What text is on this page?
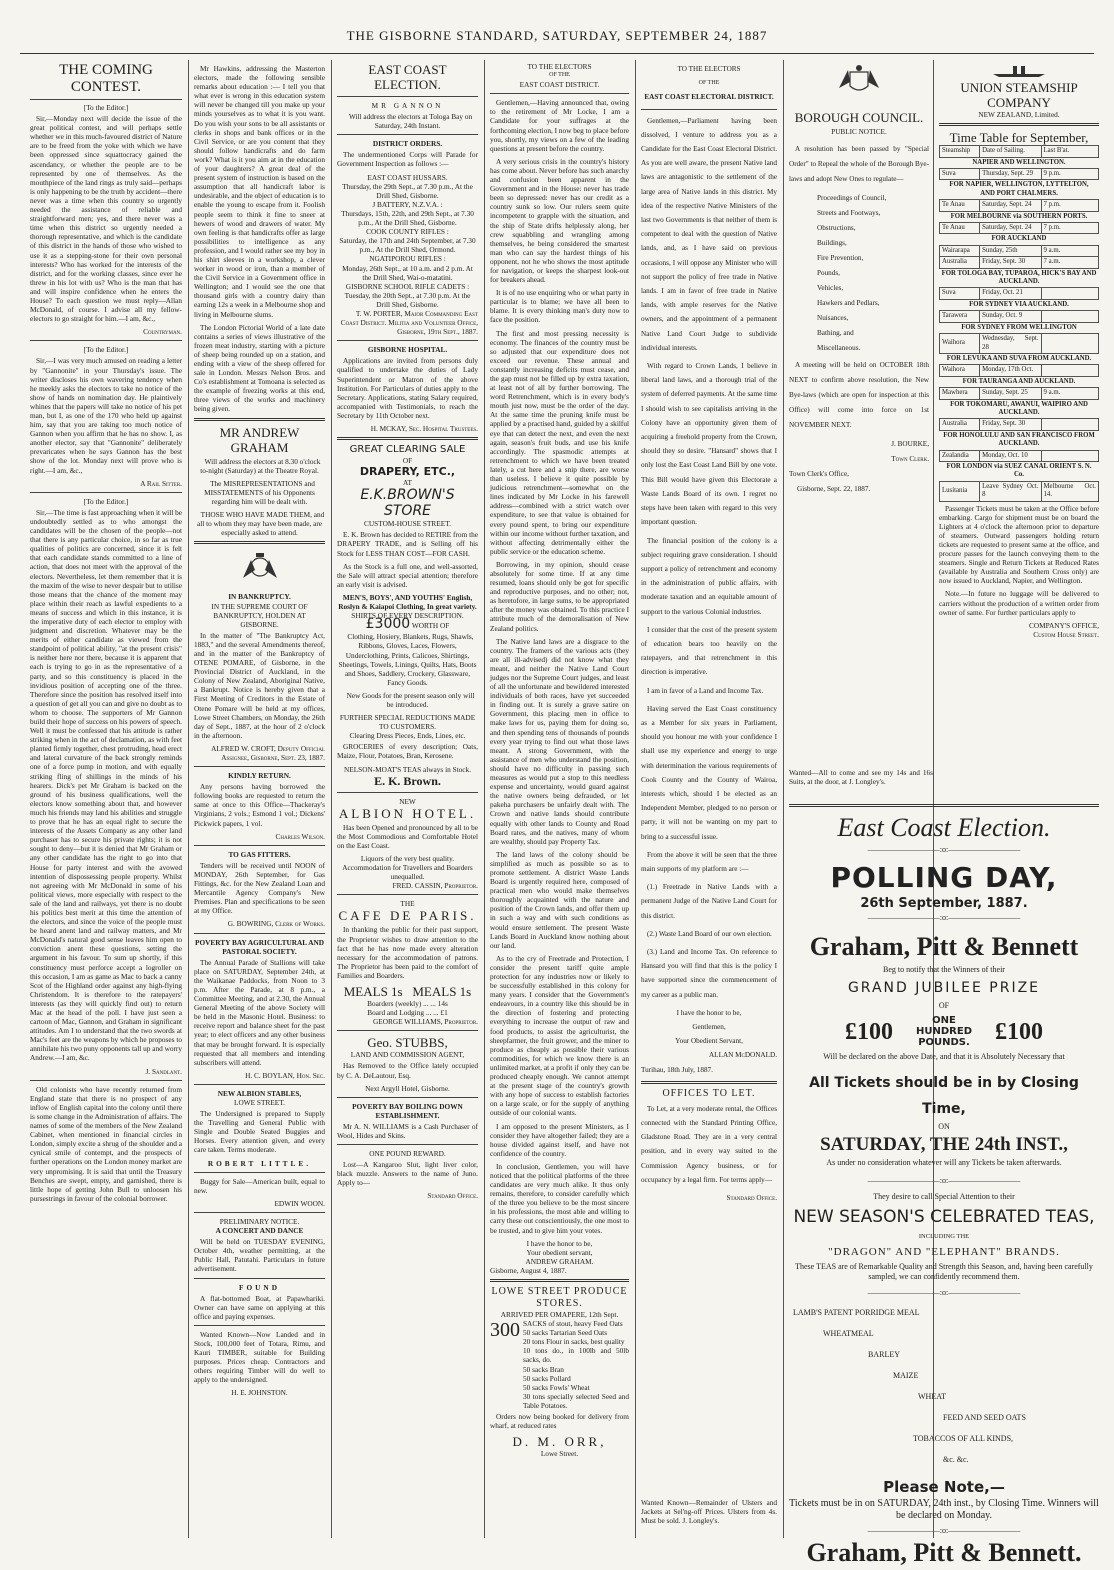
THE GISBORNE STANDARD, SATURDAY, SEPTEMBER 24, 1887
THE COMING CONTEST.
[To the Editor.]

Sir,—Monday next will decide the issue of the great political contest, and will perhaps settle whether we in this much-favoured district of Nature are to be freed from the yoke with which we have been oppressed since squattocracy gained the ascendancy, or whether the people are to be represented by one of themselves. As the mouthpiece of the land rings as truly said—perhaps is only happening to be the truth by accident—there never was a time when this country so urgently needed the assistance of reliable and straightforward men; yes, and there never was a time when this district so urgently needed a thorough representative, and which is the candidate of this district in the hands of those who wished to use it as a stepping-stone for their own personal interests? Who has worked for the interests of the district, and for the working classes, since ever he threw in his lot with us? Who is the man that has and will inspire confidence when he enters the House? To each question we must reply—Allan McDonald, of course. I advise all my fellow-electors to go straight for him.—I am, &c.,

Countryman.
[To the Editor.]

Sir,—I was very much amused on reading a letter by "Gannonite" in your Thursday's issue. The writer discloses his own wavering tendency when he meekly asks the electors to take no notice of the show of hands on nomination day. He plaintively whines that the papers will take no notice of his pet man, but I, as one of the 170 who held up against him, say that you are taking too much notice of Gannon when you affirm that he has no show. I, as another elector, say that "Gannonite" deliberately prevaricates when he says Gannon has the best show of the lot. Monday next will prove who is right.—I am, &c.,

A Rail Sitter.
[To the Editor.]

Sir,—The time is fast approaching when it will be undoubtedly settled as to who amongst the candidates will be the chosen of the people—not that there is any particular choice, in so far as true qualities of politics are concerned, since it is felt that each candidate stands committed to a line of action, that does not meet with the approval of the electors. Nevertheless, let them remember that it is the maxim of the wise to never despair but to utilise those means that the chance of the moment may place within their reach as lawful expedients to a means of success and which in this instance, it is the imperative duty of each elector to employ with judgment and discretion. Whatever may be the merits of either candidate as viewed from the standpoint of political ability, "at the present crisis" is neither here nor there, because it is apparent that each is trying to go in as the representative of a party, and so this constituency is placed in the invidious position of accepting one of the three. Therefore since the position has resolved itself into a question of get all you can and give no doubt as to whom to choose. The supporters of Mr Gannon build their hope of success on his powers of speech. Well it must be confessed that his attitude is rather striking when in the act of declamation, as with feet planted firmly together, chest protruding, head erect and lateral curvature of the back strongly reminds one of a force pump in motion, and with equally striking fling of shillings in the minds of his hearers. Dick's pet Mr Graham is backed on the ground of his business qualifications, well the electors know something about that, and however much his friends may land his abilities and struggle to prove that he has an equal right to secure the interests of the Assets Company as any other land purchaser has to secure his private rights; it is not sought to deny—but it is denied that Mr Graham or any other candidate has the right to go into that House for party interest and with the avowed intention of dispossessing people property. Whilst not agreeing with Mr McDonald in some of his political views, more especially with respect to the sale of the land and railways, yet there is no doubt his politics best merit at this time the attention of the electors, and since the voice of the people must be heard anent land and railway matters, and Mr McDonald's natural good sense leaves him open to conviction anent these questions, setting the argument in his favour. To sum up shortly, if this constituency must perforce accept a logroller on this occasion, I am as game as Mac to back a canny Scot of the Highland order against any high-flying Christendom. It is therefore to the ratepayers' interests (as they will quickly find out) to return Mac at the head of the poll. I have just seen a cartoon of Mac, Gannon, and Graham in significant attitudes. Am I to understand that the two swords at Mac's feet are the weapons by which he proposes to annihilate his two puny opponents tall up and worry Andrew.—I am, &c.

J. Sandlant.

Old colonists who have recently returned from England state that there is no prospect of any inflow of English capital into the colony until there is some change in the Administration of affairs. The names of some of the members of the New Zealand Cabinet, when mentioned in financial circles in London, simply excite a shrug of the shoulder and a cynical smile of contempt, and the prospects of further operations on the London money market are very unpromising. It is said that until the Treasury Benches are swept, empty, and garnished, there is little hope of getting John Bull to unloosen his pursestrings in favour of the colonial borrower.

Mr Hawkins, addressing the Masterton electors, made the following sensible remarks about education :— I tell you that what ever is wrong in this education system will never be changed till you make up your minds yourselves as to what it is you want. Do you wish your sons to be all assistants or clerks in shops and bank offices or in the Civil Service, or are you content that they should follow handicrafts and do farm work? What is it you aim at in the education of your daughters? A great deal of the present system of instruction is based on the assumption that all handicraft labor is undesirable, and the object of education is to enable the young to escape from it. Foolish people seem to think it fine to sneer at hewers of wood and drawers of water. My own feeling is that handicrafts offer as large possibilities to intelligence as any profession, and I would rather see my boy in his shirt sleeves in a workshop, a clever worker in wood or iron, than a member of the Civil Service in a Government office in Wellington; and I would see the one that thousand girls with a country dairy than earning 12s a week in a Melbourne shop and living in Melbourne slums.

The London Pictorial World of a late date contains a series of views illustrative of the frozen meat industry, starting with a picture of sheep being rounded up on a station, and ending with a view of the sheep offered for sale in London. Messrs Nelson Bros. and Co's establishment at Tomoana is selected as the example of freezing works at this end, three views of the works and machinery being given.

MR ANDREW GRAHAM

Will address the electors at 8.30 o'clock to-night (Saturday) at the Theatre Royal.

The MISREPRESENTATIONS and MISSTATEMENTS of his Opponents regarding him will be dealt with.

THOSE WHO HAVE MADE THEM, and all to whom they may have been made, are especially asked to attend.

IN BANKRUPTCY.
IN THE SUPREME COURT OF BANKRUPTCY, HOLDEN AT GISBORNE.

In the matter of "The Bankruptcy Act, 1883," and the several Amendments thereof, and in the matter of the Bankruptcy of OTENE POMARE, of Gisborne, in the Provincial District of Auckland, in the Colony of New Zealand, Aboriginal Native, a Bankrupt. Notice is hereby given that a First Meeting of Creditors in the Estate of Otene Pomare will be held at my offices, Lowe Street Chambers, on Monday, the 26th day of Sept., 1887, at the hour of 2 o'clock in the afternoon.

ALFRED W. CROFT, Deputy Official Assignee, Gisborne, Sept. 23, 1887.
KINDLY RETURN.

Any persons having borrowed the following books are requested to return the same at once to this Office—Thackeray's Virginians, 2 vols.; Esmond 1 vol.; Dickens' Pickwick papers, 1 vol.

Charles Wilson.
TO GAS FITTERS.

Tenders will be received until NOON of MONDAY, 26th September, for Gas Fittings, &c. for the New Zealand Loan and Mercantile Agency Company's New Premises. Plan and specifications to be seen at my Office.

G. BOWRING, Clerk of Works.
POVERTY BAY AGRICULTURAL AND PASTORAL SOCIETY.

The Annual Parade of Stallions will take place on SATURDAY, September 24th, at the Waikanae Paddocks, from Noon to 3 p.m. After the Parade, at 8 p.m., a Committee Meeting, and at 2.30, the Annual General Meeting of the above Society will be held in the Masonic Hotel. Business: to receive report and balance sheet for the past year; to elect officers and any other business that may be brought forward. It is especially requested that all members and intending subscribers will attend.

H. C. BOYLAN, Hon. Sec.
NEW ALBION STABLES,
LOWE STREET.

The Undersigned is prepared to Supply the Travelling and General Public with Single and Double Seated Buggies and Horses. Every attention given, and every care taken. Terms moderate.

ROBERT LITTLE.

Buggy for Sale—American built, equal to new.

EDWIN WOON.
PRELIMINARY NOTICE.
A CONCERT AND DANCE

Will be held on TUESDAY EVENING, October 4th, weather permitting, at the Public Hall, Patutahi. Particulars in future advertisement.

FOUND

A flat-bottomed Boat, at Papawhariki. Owner can have same on applying at this office and paying expenses.

Wanted Known—Now Landed and in Stock, 100,000 feet of Totara, Rimu, and Kauri TIMBER, suitable for Building purposes. Prices cheap. Contractors and others requiring Timber will do well to apply to the undersigned.

H. E. JOHNSTON.
EAST COAST ELECTION.
MR GANNON

Will address the electors at Tologa Bay on Saturday, 24th Instant.

DISTRICT ORDERS.

The undermentioned Corps will Parade for Government Inspection as follows :—

EAST COAST HUSSARS.
Thursday, the 29th Sept., at 7.30 p.m., At the Drill Shed, Gisborne.
J BATTERY, N.Z.V.A. :
Thursdays, 15th, 22th, and 29th Sept., at 7.30 p.m., At the Drill Shed, Gisborne.
COOK COUNTY RIFLES :
Saturday, the 17th and 24th September, at 7.30 p.m., At the Drill Shed, Ormond.
NGATIPOROU RIFLES :
Monday, 26th Sept., at 10 a.m. and 2 p.m. At the Drill Shed, Wai-o-matatini.
GISBORNE SCHOOL RIFLE CADETS :
Tuesday, the 20th Sept., at 7.30 p.m. At the Drill Shed, Gisborne.
T. W. PORTER, Major Commanding East Coast District. Militia and Volunteer Office, Gisborne, 19th Sept., 1887.
GISBORNE HOSPITAL.

Applications are invited from persons duly qualified to undertake the duties of Lady Superintendent or Matron of the above Institution. For Particulars of duties apply to the Secretary. Applications, stating Salary required, accompanied with Testimonials, to reach the Secretary by 11th October next.

H. MCKAY, Sec. Hospital Trustees.
GREAT CLEARING SALE
OF
DRAPERY, ETC.,
AT
E.K.BROWN'S STORE
CUSTOM-HOUSE STREET.

E. K. Brown has decided to RETIRE from the DRAPERY TRADE, and is Selling off his Stock for LESS THAN COST—FOR CASH.

As the Stock is a full one, and well-assorted, the Sale will attract special attention; therefore an early visit is advised.

MEN'S, BOYS', AND YOUTHS' English, Roslyn & Kaiapoi Clothing, In great variety.
SHIRTS OF EVERY DESCRIPTION.
£3000 WORTH OF

Clothing, Hosiery, Blankets, Rugs, Shawls, Ribbons, Gloves, Laces, Flowers, Underclothing, Prints, Calicoes, Shirtings, Sheetings, Towels, Linings, Quilts, Hats, Boots and Shoes, Saddlery, Crockery, Glassware, Fancy Goods.

New Goods for the present season only will be introduced.

FURTHER SPECIAL REDUCTIONS MADE TO CUSTOMERS.
Clearing Dress Pieces, Ends, Lines, etc.

GROCERIES of every description; Oats, Maize, Flour, Potatoes, Bran, Kerosene.

NELSON-MOAT'S TEAS always in Stock.
E. K. Brown.
NEW
ALBION HOTEL.

Has been Opened and pronounced by all to be the Most Commodious and Comfortable Hotel on the East Coast.

Liquors of the very best quality.
Accommodation for Travellers and Boarders unequalled.
FRED. CASSIN, Proprietor.
THE
CAFE DE PARIS.

In thanking the public for their past support, the Proprietor wishes to draw attention to the fact that he has now made every alteration necessary for the accommodation of patrons. The Proprietor has been paid to the comfort of Families and Boarders.

MEALS 1s MEALS 1s
Boarders (weekly) ... ... 14s
Board and Lodging ... ... £1
GEORGE WILLIAMS, Proprietor.
Geo. STUBBS,
LAND AND COMMISSION AGENT,

Has Removed to the Office lately occupied by C. A. DeLautour, Esq.

Next Argyll Hotel, Gisborne.
POVERTY BAY BOILING DOWN ESTABLISHMENT.

Mr A. N. WILLIAMS is a Cash Purchaser of Wool, Hides and Skins.

ONE POUND REWARD.

Lost—A Kangaroo Slut, light liver color, black muzzle. Answers to the name of Juno. Apply to—

Standard Office.
TO THE ELECTORS
OF THE
EAST COAST DISTRICT.

Gentlemen,—Having announced that, owing to the retirement of Mr Locke, I am a Candidate for your suffrages at the forthcoming election, I now beg to place before you, shortly, my views on a few of the leading questions at present before the country.

A very serious crisis in the country's history has come about. Never before has such anarchy and confusion been apparent in the Government and in the House: never has trade been so depressed: never has our credit as a country sunk so low. Our rulers seem quite incompetent to grapple with the situation, and the ship of State drifts helplessly along, her crew squabbling and wrangling among themselves, he being considered the smartest man who can say the hardest things of his opponent, not he who shows the most aptitude for navigation, or keeps the sharpest look-out for breakers ahead.

It is of no use enquiring who or what party in particular is to blame; we have all been to blame. It is every thinking man's duty now to face the position.

The first and most pressing necessity is economy. The finances of the country must be so adjusted that our expenditure does not exceed our revenue. These annual and constantly increasing deficits must cease, and the gap must not be filled up by extra taxation, at least not of all by further borrowing. The word Retrenchment, which is in every body's mouth just now, must be the order of the day. At the same time the pruning knife must be applied by a practised hand, guided by a skilful eye that can detect the next, and even the next again, season's fruit buds, and use his knife accordingly. The spasmodic attempts at retrenchment to which we have been treated lately, a cut here and a snip there, are worse than useless. I believe it quite possible by judicious retrenchment—somewhat on the lines indicated by Mr Locke in his farewell address—combined with a strict watch over expenditure, to see that value is obtained for every pound spent, to bring our expenditure within our income without further taxation, and without affecting detrimentally either the public service or the education scheme.

Borrowing, in my opinion, should cease absolutely for some time. If at any time resumed, loans should only be got for specific and reproductive purposes, and no other; not, as heretofore, in large sums, to be appropriated after the money was obtained. To this practice I attribute much of the demoralisation of New Zealand politics.

The Native land laws are a disgrace to the country. The framers of the various acts (they are all ill-advised) did not know what they meant, and neither the Native Land Court judges nor the Supreme Court judges, and least of all the unfortunate and bewildered interested individuals of both races, have yet succeeded in finding out. It is surely a grave satire on Government, this placing men in office to make laws for us, paying them for doing so, and then spending tens of thousands of pounds every year trying to find out what those laws meant. A strong Government, with the assistance of men who understand the position, should have no difficulty in passing such measures as would put a stop to this needless expense and uncertainty, would guard against the native owners being defrauded, or let pakeha purchasers be unfairly dealt with. The Crown and native lands should contribute equally with other lands to County and Road Board rates, and the natives, many of whom are wealthy, should pay Property Tax.

The land laws of the colony should be simplified as much as possible so as to promote settlement. A district Waste Lands Board is urgently required here, composed of practical men who would make themselves thoroughly acquainted with the nature and position of the Crown lands, and offer them up in such a way and with such conditions as would ensure settlement. The present Waste Lands Board in Auckland know nothing about our land.

As to the cry of Freetrade and Protection, I consider the present tariff quite ample protection for any industries now or likely to be successfully established in this colony for many years. I consider that the Government's endeavours, in a country like this should be in the direction of fostering and protecting everything to increase the output of raw and food products, to assist the agriculturist, the sheepfarmer, the fruit grower, and the miner to produce as cheaply as possible their various commodities, for which we know there is an unlimited market, at a profit if only they can be produced cheaply enough. We cannot attempt at the present stage of the country's growth with any hope of success to establish factories on a large scale, or for the supply of anything outside of our colonial wants.

I am opposed to the present Ministers, as I consider they have altogether failed; they are a house divided against itself, and have not confidence of the country.

In conclusion, Gentlemen, you will have noticed that the political platforms of the three candidates are very much alike. It thus only remains, therefore, to consider carefully which of the three you believe to be the most sincere in his professions, the most able and willing to carry these out conscientiously, the one most to be trusted, and to give him your votes.

I have the honor to be,
Your obedient servant,
ANDREW GRAHAM.
Gisborne, August 4, 1887.
LOWE STREET PRODUCE STORES.
ARRIVED PER OMAPERE, 12th Sept.
300 SACKS of stout, heavy Feed Oats
50 sacks Tartarian Seed Oats
20 tons Flour in sacks, best quality
10 tons do., in 100lb and 50lb sacks, do.
50 sacks Bran
50 sacks Pollard
50 sacks Fowls' Wheat
30 tons specially selected Seed and Table Potatoes.

Orders now being booked for delivery from wharf, at reduced rates

D. M. ORR,
Lowe Street.
TO THE ELECTORS
OF THE
EAST COAST ELECTORAL DISTRICT.

Gentlemen,—Parliament having been dissolved, I venture to address you as a Candidate for the East Coast Electoral District. As you are well aware, the present Native land laws are antagonistic to the settlement of the large area of Native lands in this district. My idea of the respective Native Ministers of the last two Governments is that neither of them is competent to deal with the question of Native lands, and, as I have said on previous occasions, I will oppose any Minister who will not support the policy of free trade in Native lands. I am in favor of free trade in Native lands, with ample reserves for the Native owners, and the appointment of a permanent Native Land Court Judge to subdivide individual interests.

With regard to Crown Lands, I believe in liberal land laws, and a thorough trial of the system of deferred payments. At the same time I should wish to see capitalists arriving in the Colony have an opportunity given them of acquiring a freehold property from the Crown, should they so desire. "Hansard" shows that I only lost the East Coast Land Bill by one vote. This Bill would have given this Electorate a Waste Lands Board of its own. I regret no steps have been taken with regard to this very important question.

The financial position of the colony is a subject requiring grave consideration. I should support a policy of retrenchment and economy in the administration of public affairs, with moderate taxation and an equitable amount of support to the various Colonial industries.

I consider that the cost of the present system of education bears too heavily on the ratepayers, and that retrenchment in this direction is imperative.

I am in favor of a Land and Income Tax.

Having served the East Coast constituency as a Member for six years in Parliament, should you honour me with your confidence I shall use my experience and energy to urge with determination the various requirements of Cook County and the County of Wairoa, interests which, should I be elected as an Independent Member, pledged to no person or party, it will not be wanting on my part to bring to a successful issue.

From the above it will be seen that the three main supports of my platform are :—

(1.) Freetrade in Native Lands with a permanent Judge of the Native Land Court for this district.

(2.) Waste Land Board of our own election.

(3.) Land and Income Tax. On reference to Hansard you will find that this is the policy I have supported since the commencement of my career as a public man.

I have the honor to be,
Gentlemen,
Your Obedient Servant,
ALLAN McDONALD.
Turihau, 18th July, 1887.
OFFICES TO LET.

To Let, at a very moderate rental, the Offices connected with the Standard Printing Office, Gladstone Road. They are in a very central position, and in every way suited to the Commission Agency business, or for occupancy by a legal firm. For terms apply—

Standard Office.
BOROUGH COUNCIL.
PUBLIC NOTICE.

A resolution has been passed by "Special Order" to Repeal the whole of the Borough Bye-laws and adopt New Ones to regulate—

Proceedings of Council,
Streets and Footways,
Obstructions,
Buildings,
Fire Prevention,
Pounds,
Vehicles,
Hawkers and Pedlars,
Nuisances,
Bathing, and
Miscellaneous.

A meeting will be held on OCTOBER 18th NEXT to confirm above resolution, the New Bye-laws (which are open for inspection at this Office) will come into force on 1st NOVEMBER NEXT.

J. BOURKE,
Town Clerk.
Town Clerk's Office,
Gisborne, Sept. 22, 1887.
UNION STEAMSHIP COMPANY
NEW ZEALAND, Limited.
Time Table for September,
Steamship	Date of Sailing.	Last B'at.
NAPIER AND WELLINGTON.		
Suva	Thursday, Sept. 29	9 p.m.
FOR NAPIER, WELLINGTON, LYTTELTON, AND PORT CHALMERS.		
Te Anau	Saturday, Sept. 24	7 p.m.
FOR MELBOURNE via SOUTHERN PORTS.		
Te Anau	Saturday, Sept. 24	7 p.m.
FOR AUCKLAND		
Wairarapa	Sunday, 25th	9 a.m.
Australia	Friday, Sept. 30	7 a.m.
FOR TOLOGA BAY, TUPAROA, HICK'S BAY AND AUCKLAND.		
Suva	Friday, Oct. 21	
FOR SYDNEY VIA AUCKLAND.		
Tarawera	Sunday, Oct. 9	
FOR SYDNEY FROM WELLINGTON		
Waihora	Wednesday, Sept. 28	
FOR LEVUKA AND SUVA FROM AUCKLAND.		
Waihora	Monday, 17th Oct.	
FOR TAURANGA AND AUCKLAND.		
Mawhera	Sunday, Sept. 25	9 a.m.
FOR TOKOMARU, AWANUI, WAIPIRO AND AUCKLAND.		
Australia	Friday, Sept. 30	
FOR HONOLULU AND SAN FRANCISCO FROM AUCKLAND.		
Zealandia	Monday, Oct. 10	
FOR LONDON via SUEZ CANAL ORIENT S. N. Co.		
Lusitania	Leave Sydney Oct. 8	Melbourne Oct. 14.

Passenger Tickets must be taken at the Office before embarking. Cargo for shipment must be on board the Lighters at 4 o'clock the afternoon prior to departure of steamers. Outward passengers holding return tickets are requested to present same at the office, and procure passes for the launch conveying them to the steamers. Single and Return Tickets at Reduced Rates (available by Australia and Southern Cross only) are now issued to Auckland, Napier, and Wellington.

Note.—In future no luggage will be delivered to carriers without the production of a written order from owner of same. For further particulars apply to

COMPANY'S OFFICE,
Custom House Street.
Wanted Known—Remainder of Ulsters and Jackets at Sel'ng-off Prices. Ulsters from 4s. Must be sold. J. Longley's.
Wanted—All to come and see my 14s and 16s Suits, at the door, at J. Longley's.
East Coast Election.
—————————:o:—————————
POLLING DAY,
26th September, 1887.
—————————:o:—————————
Graham, Pitt & Bennett
Beg to notify that the Winners of their
GRAND JUBILEE PRIZE
OF
£100	ONE HUNDRED POUNDS.	£100
Will be declared on the above Date, and that it is Absolutely Necessary that
All Tickets should be in by Closing Time,
ON
SATURDAY, THE 24th INST.,
As under no consideration whatever will any Tickets be taken afterwards.
—————————:o:—————————
They desire to call Special Attention to their
NEW SEASON'S CELEBRATED TEAS,
INCLUDING THE
"DRAGON" AND "ELEPHANT" BRANDS.
These TEAS are of Remarkable Quality and Strength this Season, and, having been carefully sampled, we can confidently recommend them.
—————————:o:—————————
LAMB'S PATENT PORRIDGE MEAL
WHEATMEAL
BARLEY
MAIZE
WHEAT
FEED AND SEED OATS
TOBACCOS OF ALL KINDS,
&c. &c.
Please Note,—
Tickets must be in on SATURDAY, 24th inst., by Closing Time. Winners will be declared on Monday.
—————————:o:—————————
Graham, Pitt & Bennett.
